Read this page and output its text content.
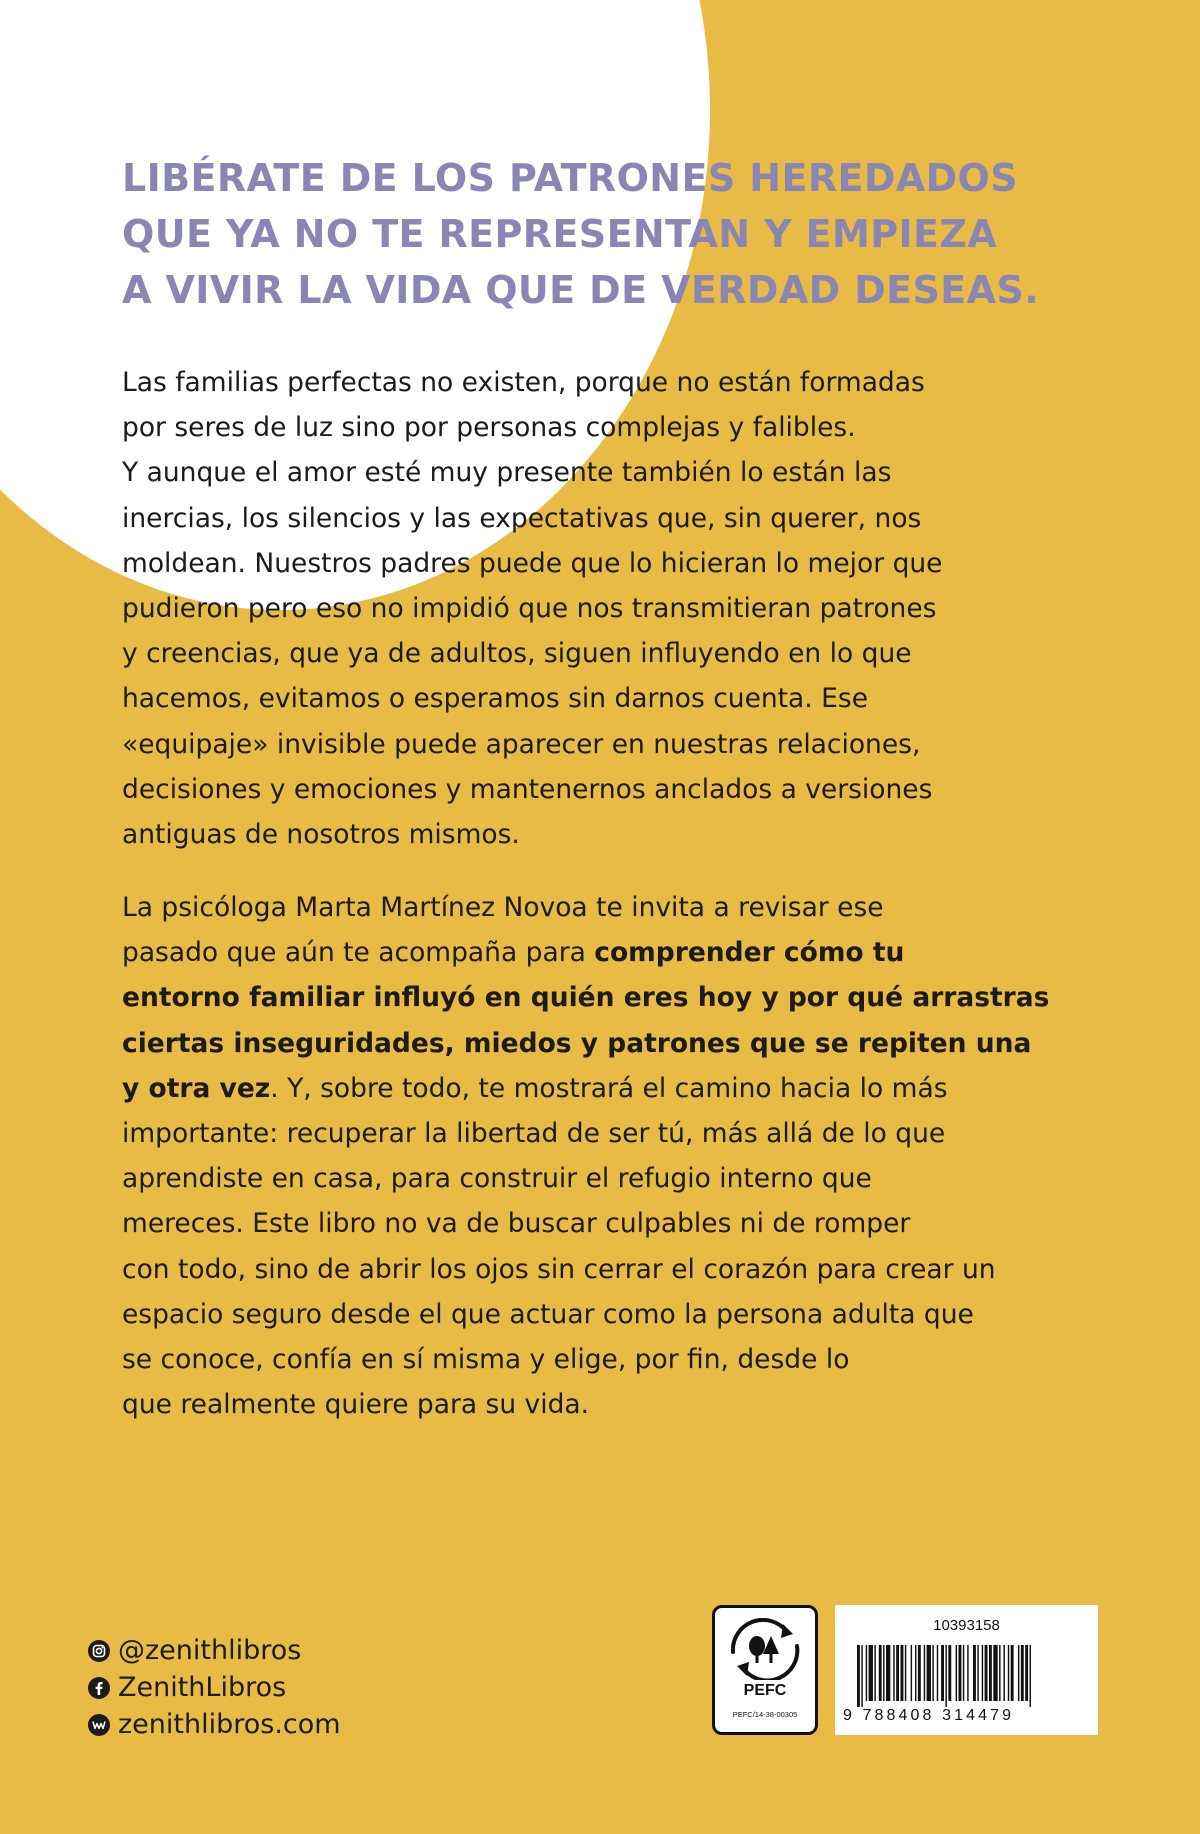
LIBÉRATE DE LOS PATRONES HEREDADOS
QUE YA NO TE REPRESENTAN Y EMPIEZA
A VIVIR LA VIDA QUE DE VERDAD DESEAS.

Las familias perfectas no existen, porque no están formadas
por seres de luz sino por personas complejas y falibles.
Y aunque el amor esté muy presente también lo están las
inercias, los silencios y las expectativas que, sin querer, nos
moldean. Nuestros padres puede que lo hicieran lo mejor que
pudieron pero eso no impidió que nos transmitieran patrones
y creencias, que ya de adultos, siguen influyendo en lo que
hacemos, evitamos o esperamos sin darnos cuenta. Ese
«equipaje» invisible puede aparecer en nuestras relaciones,
decisiones y emociones y mantenernos anclados a versiones
antiguas de nosotros mismos.

La psicóloga Marta Martínez Novoa te invita a revisar ese
pasado que aún te acompaña para comprender cómo tu
entorno familiar influyó en quién eres hoy y por qué arrastras
ciertas inseguridades, miedos y patrones que se repiten una
y otra vez. Y, sobre todo, te mostrará el camino hacia lo más
importante: recuperar la libertad de ser tú, más allá de lo que
aprendiste en casa, para construir el refugio interno que
mereces. Este libro no va de buscar culpables ni de romper
con todo, sino de abrir los ojos sin cerrar el corazón para crear un
espacio seguro desde el que actuar como la persona adulta que
se conoce, confía en sí misma y elige, por fin, desde lo
que realmente quiere para su vida.

@zenithlibros
ZenithLibros
zenithlibros.com
PEFC
PEFC/14-38-00305
10393158
9 788408 314479
